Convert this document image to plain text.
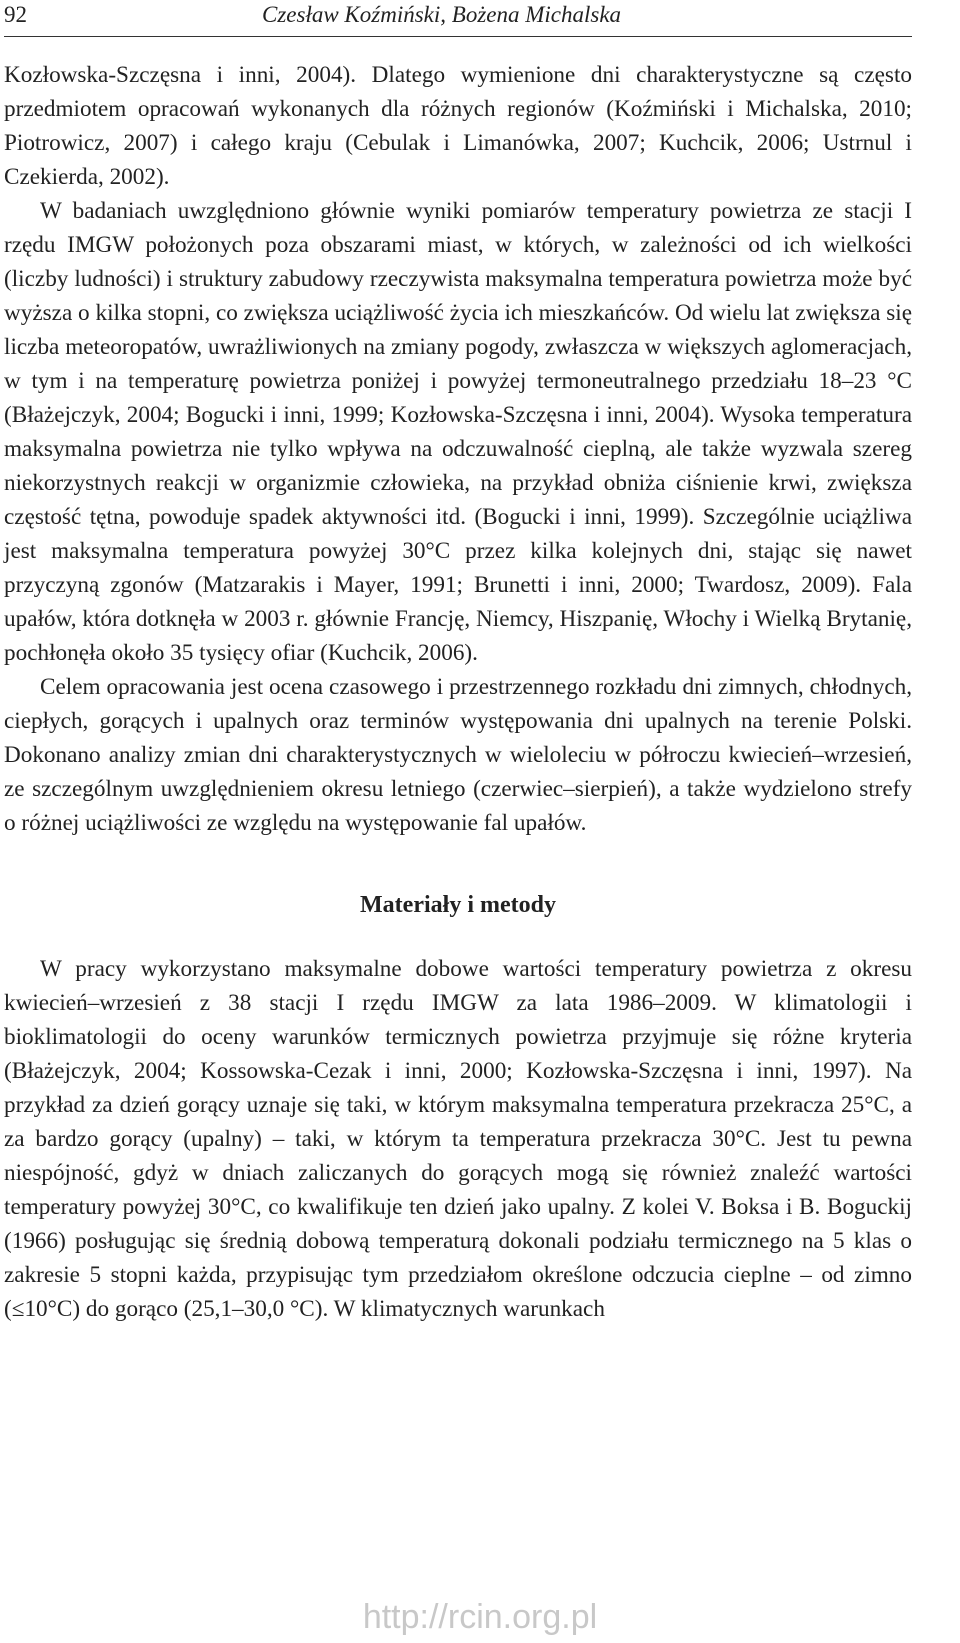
92	Czesław Koźmiński, Bożena Michalska

Kozłowska-Szczęsna i inni, 2004). Dlatego wymienione dni charakterystyczne są często przedmiotem opracowań wykonanych dla różnych regionów (Koźmiński i Michalska, 2010; Piotrowicz, 2007) i całego kraju (Cebulak i Limanówka, 2007; Kuchcik, 2006; Ustrnul i Czekierda, 2002).

W badaniach uwzględniono głównie wyniki pomiarów temperatury powietrza ze stacji I rzędu IMGW położonych poza obszarami miast, w których, w zależności od ich wielkości (liczby ludności) i struktury zabudowy rzeczywista maksymalna temperatura powietrza może być wyższa o kilka stopni, co zwiększa uciążliwość życia ich mieszkańców. Od wielu lat zwiększa się liczba meteoropatów, uwrażliwionych na zmiany pogody, zwłaszcza w większych aglomeracjach, w tym i na temperaturę powietrza poniżej i powyżej termoneutralnego przedziału 18–23 °C (Błażejczyk, 2004; Bogucki i inni, 1999; Kozłowska-Szczęsna i inni, 2004). Wysoka temperatura maksymalna powietrza nie tylko wpływa na odczuwalność cieplną, ale także wyzwala szereg niekorzystnych reakcji w organizmie człowieka, na przykład obniża ciśnienie krwi, zwiększa częstość tętna, powoduje spadek aktywności itd. (Bogucki i inni, 1999). Szczególnie uciążliwa jest maksymalna temperatura powyżej 30°C przez kilka kolejnych dni, stając się nawet przyczyną zgonów (Matzarakis i Mayer, 1991; Brunetti i inni, 2000; Twardosz, 2009). Fala upałów, która dotknęła w 2003 r. głównie Francję, Niemcy, Hiszpanię, Włochy i Wielką Brytanię, pochłonęła około 35 tysięcy ofiar (Kuchcik, 2006).

Celem opracowania jest ocena czasowego i przestrzennego rozkładu dni zimnych, chłodnych, ciepłych, gorących i upalnych oraz terminów występowania dni upalnych na terenie Polski. Dokonano analizy zmian dni charakterystycznych w wieloleciu w półroczu kwiecień–wrzesień, ze szczególnym uwzględnieniem okresu letniego (czerwiec–sierpień), a także wydzielono strefy o różnej uciążliwości ze względu na występowanie fal upałów.

Materiały i metody

W pracy wykorzystano maksymalne dobowe wartości temperatury powietrza z okresu kwiecień–wrzesień z 38 stacji I rzędu IMGW za lata 1986–2009. W klimatologii i bioklimatologii do oceny warunków termicznych powietrza przyjmuje się różne kryteria (Błażejczyk, 2004; Kossowska-Cezak i inni, 2000; Kozłowska-Szczęsna i inni, 1997). Na przykład za dzień gorący uznaje się taki, w którym maksymalna temperatura przekracza 25°C, a za bardzo gorący (upalny) – taki, w którym ta temperatura przekracza 30°C. Jest tu pewna niespójność, gdyż w dniach zaliczanych do gorących mogą się również znaleźć wartości temperatury powyżej 30°C, co kwalifikuje ten dzień jako upalny. Z kolei V. Boksa i B. Boguckij (1966) posługując się średnią dobową temperaturą dokonali podziału termicznego na 5 klas o zakresie 5 stopni każda, przypisując tym przedziałom określone odczucia cieplne – od zimno (≤10°C) do gorąco (25,1–30,0 °C). W klimatycznych warunkach

http://rcin.org.pl
